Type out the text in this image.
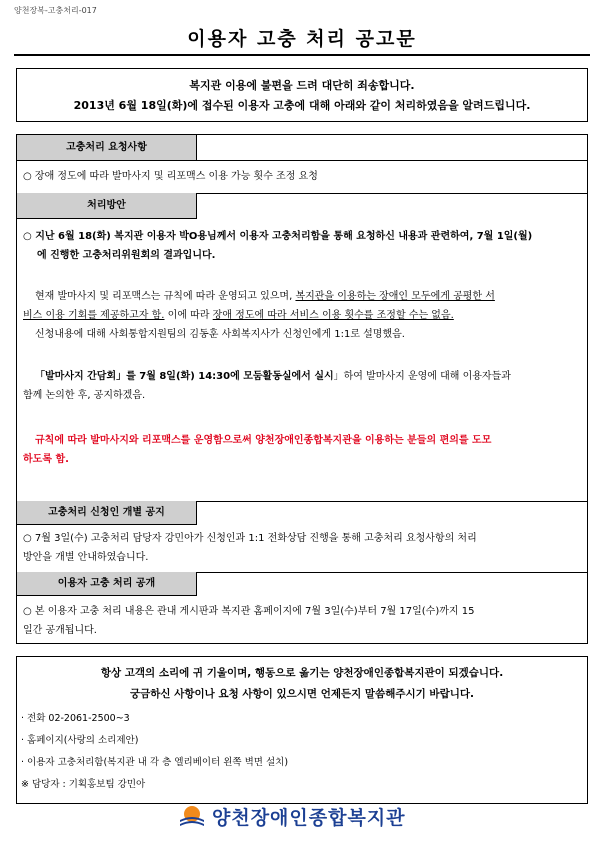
양천장복-고충처리-017
이용자 고충 처리 공고문
복지관 이용에 불편을 드려 대단히 죄송합니다.
2013년 6월 18일(화)에 접수된 이용자 고충에 대해 아래와 같이 처리하였음을 알려드립니다.
고충처리 요청사항
○ 장애 정도에 따라 발마사지 및 리포맥스 이용 가능 횟수 조정 요청
처리방안
○ 지난 6월 18(화) 복지관 이용자 박O용님께서 이용자 고충처리함을 통해 요청하신 내용과 관련하여, 7월 1일(월)
에 진행한 고충처리위원회의 결과입니다.
현재 발마사지 및 리포맥스는 규칙에 따라 운영되고 있으며, 복지관을 이용하는 장애인 모두에게 공평한 서
비스 이용 기회를 제공하고자 함. 이에 따라 장애 정도에 따라 서비스 이용 횟수를 조정할 수는 없음.
신청내용에 대해 사회통합지원팀의 김동훈 사회복지사가 신청인에게 1:1로 설명했음.
「발마사지 간담회」를 7월 8일(화) 14:30에 모둠활동실에서 실시」하여 발마사지 운영에 대해 이용자들과
함께 논의한 후, 공지하겠음.
규칙에 따라 발마사지와 리포맥스를 운영함으로써 양천장애인종합복지관을 이용하는 분들의 편의를 도모
하도록 함.
고충처리 신청인 개별 공지
○ 7월 3일(수) 고충처리 담당자 강민아가 신청인과 1:1 전화상담 진행을 통해 고충처리 요청사항의 처리
방안을 개별 안내하였습니다.
이용자 고충 처리 공개
○ 본 이용자 고충 처리 내용은 관내 게시판과 복지관 홈페이지에 7월 3일(수)부터 7월 17일(수)까지 15
일간 공개됩니다.
항상 고객의 소리에 귀 기울이며, 행동으로 옮기는 양천장애인종합복지관이 되겠습니다.
궁금하신 사항이나 요청 사항이 있으시면 언제든지 말씀해주시기 바랍니다.
· 전화 02-2061-2500~3
· 홈페이지(사랑의 소리제안)
· 이용자 고충처리함(복지관 내 각 층 엘리베이터 왼쪽 벽면 설치)
※ 담당자 : 기획홍보팀 강민아
양천장애인종합복지관
